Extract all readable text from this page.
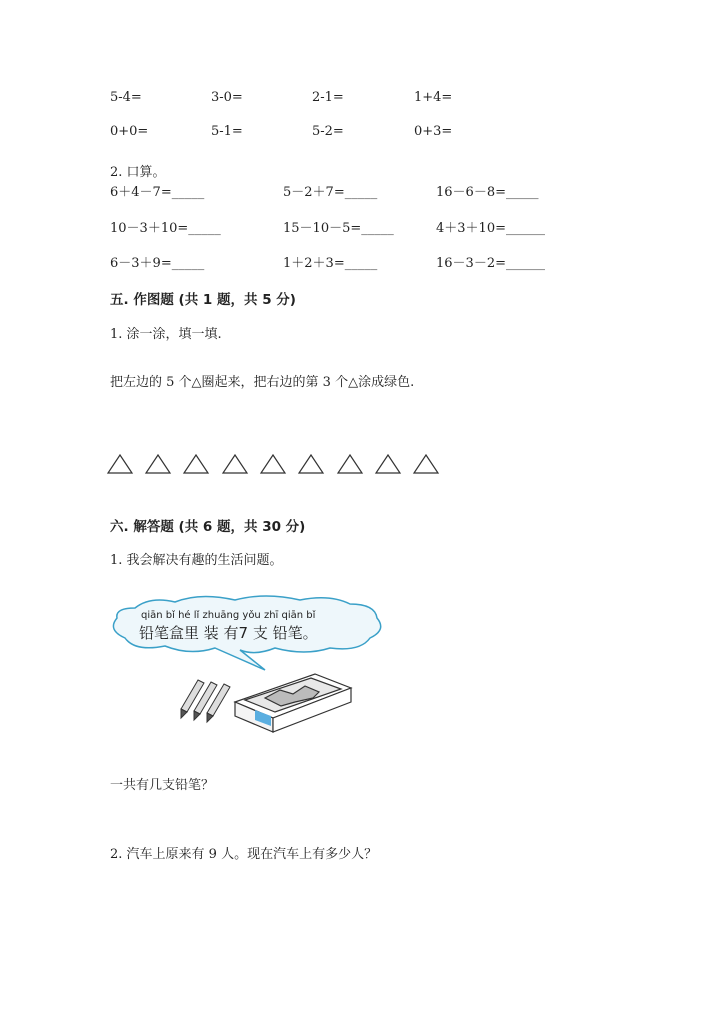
5-4=	3-0=	2-1=	1+4=
0+0=	5-1=	5-2=	0+3=
2. 口算。
6＋4－7=_____	5－2＋7=_____	16－6－8=_____
10－3＋10=_____	15－10－5=_____	4＋3＋10=______
6－3＋9=_____	1＋2＋3=_____	16－3－2=______
五. 作图题 (共 1 题，共 5 分)
1. 涂一涂，填一填.
把左边的 5 个△圈起来，把右边的第 3 个△涂成绿色.
六. 解答题 (共 6 题，共 30 分)
1. 我会解决有趣的生活问题。
qiān bǐ hé lǐ zhuāng yǒu zhī qiān bǐ
铅笔盒里 装 有7 支 铅笔。
一共有几支铅笔？
2. 汽车上原来有 9 人。现在汽车上有多少人？
